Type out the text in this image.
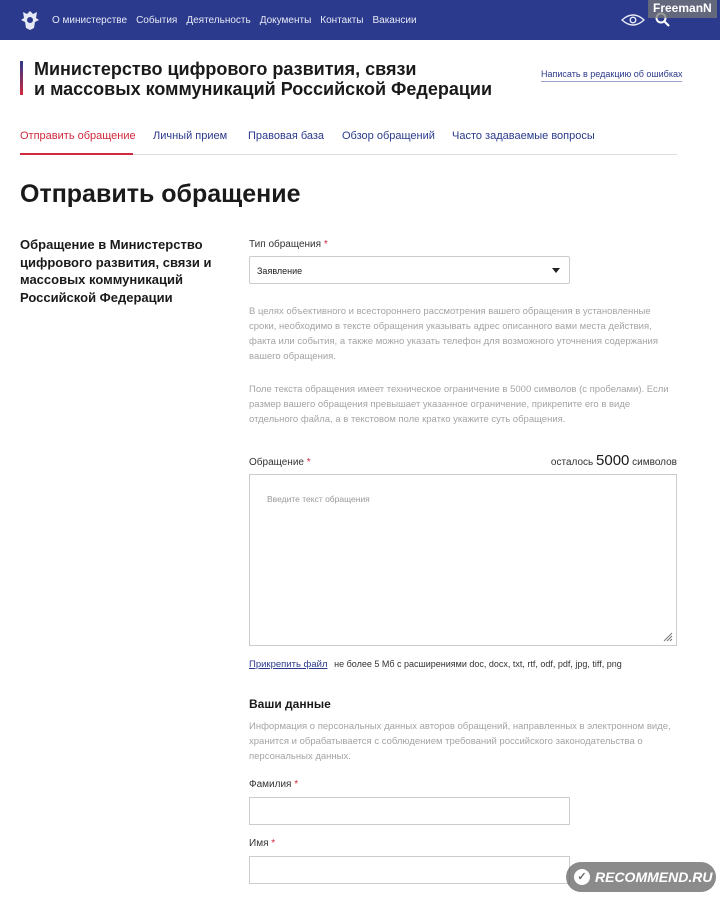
О министерстве События Деятельность Документы Контакты Вакансии
FreemanN
Министерство цифрового развития, связи
и массовых коммуникаций Российской Федерации
Написать в редакцию об ошибках
Отправить обращение Личный прием Правовая база Обзор обращений Часто задаваемые вопросы
Отправить обращение
Обращение в Министерство цифрового развития, связи и массовых коммуникаций Российской Федерации
Тип обращения *
Заявление

В целях объективного и всестороннего рассмотрения вашего обращения в установленные сроки, необходимо в тексте обращения указывать адрес описанного вами места действия, факта или события, а также можно указать телефон для возможного уточнения содержания вашего обращения.

Поле текста обращения имеет техническое ограничение в 5000 символов (с пробелами). Если размер вашего обращения превышает указанное ограничение, прикрепите его в виде отдельного файла, а в текстовом поле кратко укажите суть обращения.

Обращение *	осталось 5000 символов
Введите текст обращения
Прикрепить файл не более 5 Мб с расширениями doc, docx, txt, rtf, odf, pdf, jpg, tiff, png
Ваши данные

Информация о персональных данных авторов обращений, направленных в электронном виде, хранится и обрабатывается с соблюдением требований российского законодательства о персональных данных.

Фамилия *
Имя *
✓ RECOMMEND.RU
